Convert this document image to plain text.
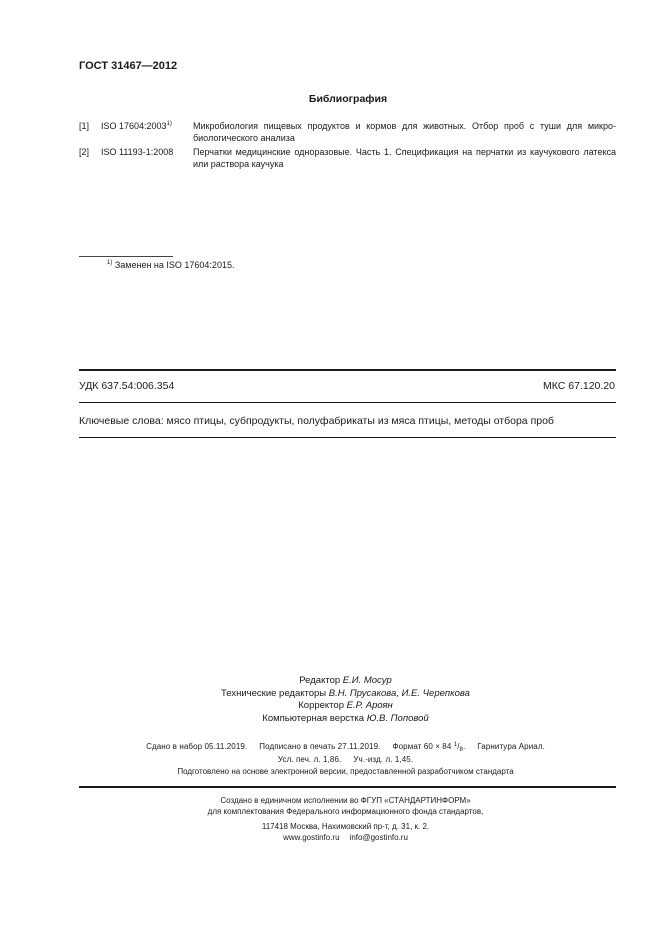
ГОСТ 31467—2012
Библиография
[1]	ISO 17604:2003$^{1)}$	Микробиология пищевых продуктов и кормов для животных. Отбор проб с туши для микро-биологического анализа
[2]	ISO 11193-1:2008	Перчатки медицинские одноразовые. Часть 1. Спецификация на перчатки из каучукового латекса или раствора каучука
$^{1)}$ Заменен на ISO 17604:2015.
УДК 637.54:006.354	МКС 67.120.20
Ключевые слова: мясо птицы, субпродукты, полуфабрикаты из мяса птицы, методы отбора проб
Редактор Е.И. Мосур
Технические редакторы В.Н. Прусакова, И.Е. Черепкова
Корректор Е.Р. Ароян
Компьютерная верстка Ю.В. Поповой
Сдано в набор 05.11.2019. Подписано в печать 27.11.2019. Формат 60 × 84 $^1/_8$. Гарнитура Ариал.
Усл. печ. л. 1,86. Уч.-изд. л. 1,45.
Подготовлено на основе электронной версии, предоставленной разработчиком стандарта
Создано в единичном исполнении во ФГУП «СТАНДАРТИНФОРМ»
для комплектования Федерального информационного фонда стандартов,
117418 Москва, Нахимовский пр-т, д. 31, к. 2.
www.gostinfo.ru info@gostinfo.ru
